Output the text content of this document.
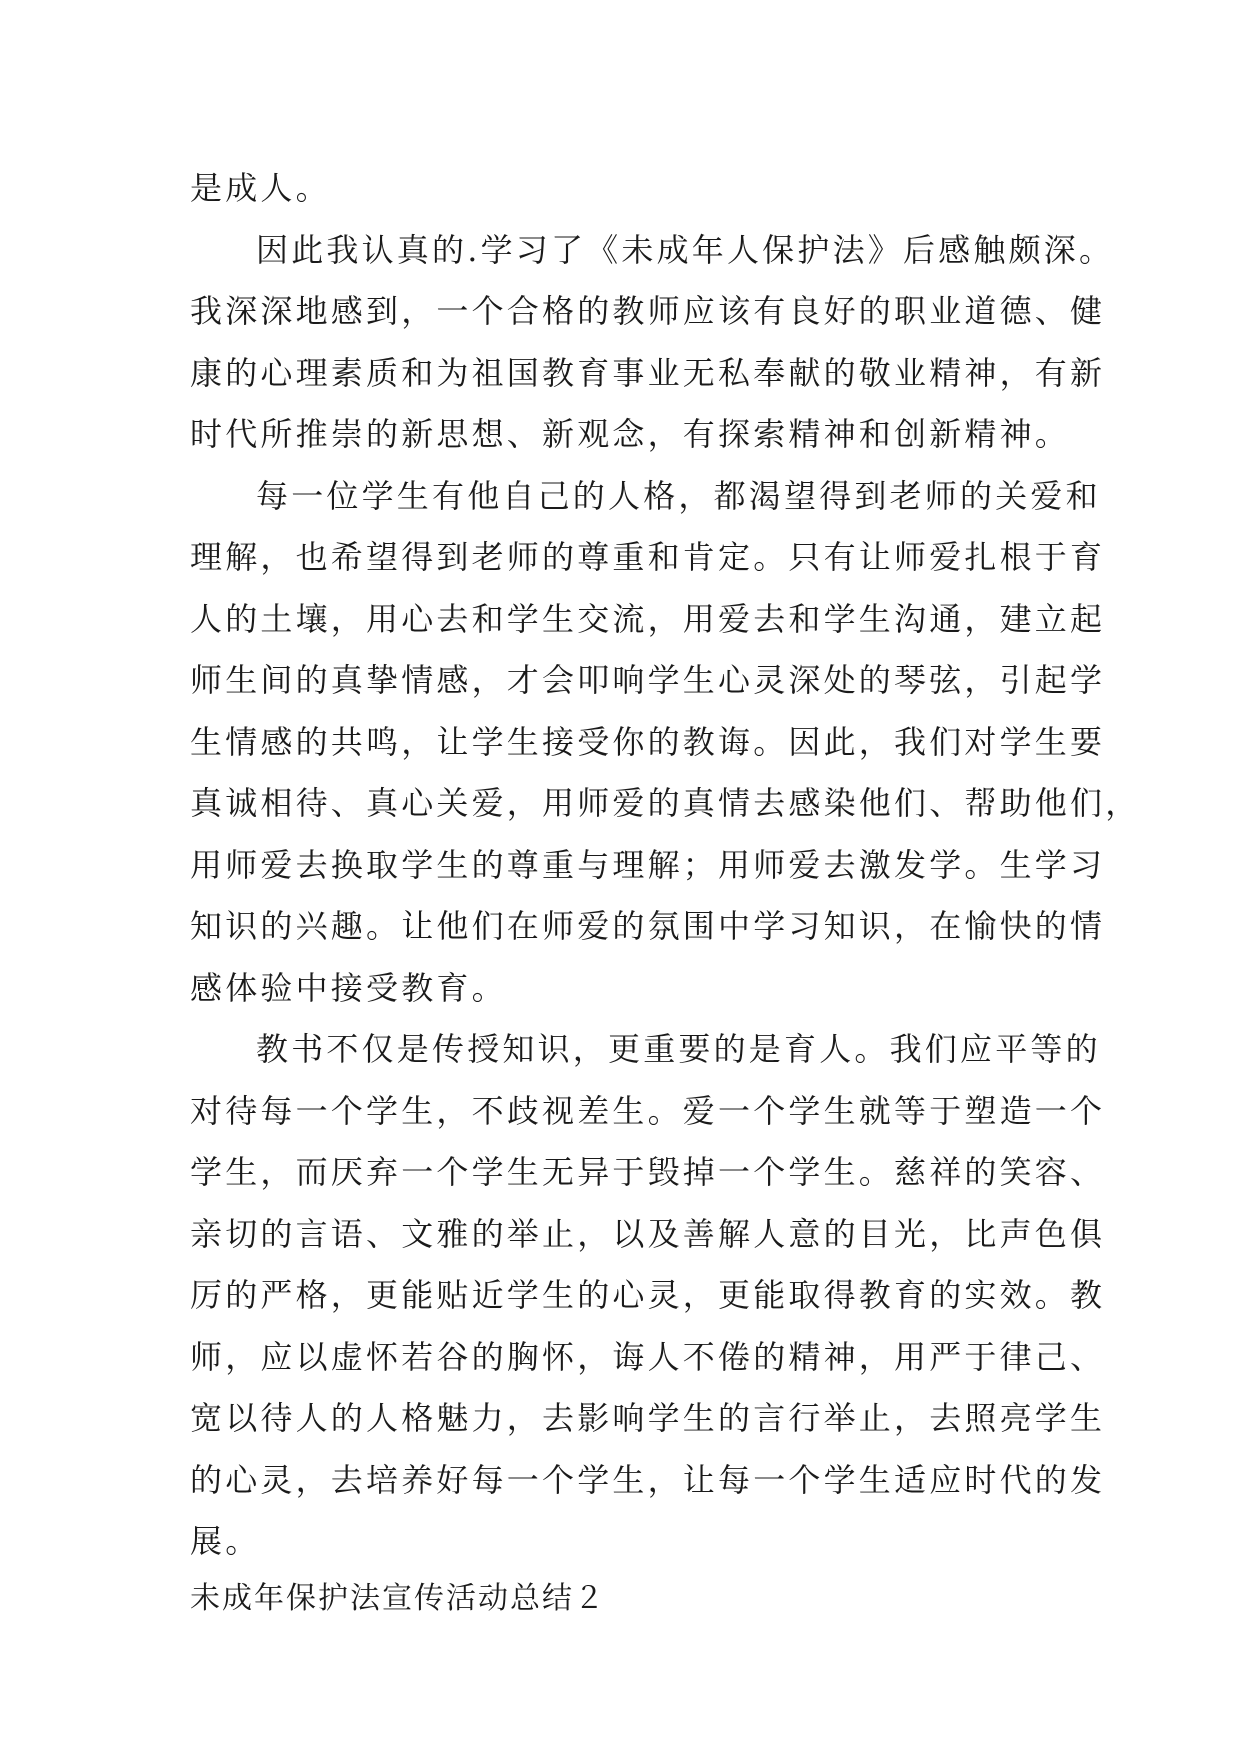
是成人。
因此我认真的.学习了《未成年人保护法》后感触颇深。
我深深地感到，一个合格的教师应该有良好的职业道德、健
康的心理素质和为祖国教育事业无私奉献的敬业精神，有新
时代所推崇的新思想、新观念，有探索精神和创新精神。
每一位学生有他自己的人格，都渴望得到老师的关爱和
理解，也希望得到老师的尊重和肯定。只有让师爱扎根于育
人的土壤，用心去和学生交流，用爱去和学生沟通，建立起
师生间的真挚情感，才会叩响学生心灵深处的琴弦，引起学
生情感的共鸣，让学生接受你的教诲。因此，我们对学生要
真诚相待、真心关爱，用师爱的真情去感染他们、帮助他们，
用师爱去换取学生的尊重与理解；用师爱去激发学。生学习
知识的兴趣。让他们在师爱的氛围中学习知识，在愉快的情
感体验中接受教育。
教书不仅是传授知识，更重要的是育人。我们应平等的
对待每一个学生，不歧视差生。爱一个学生就等于塑造一个
学生，而厌弃一个学生无异于毁掉一个学生。慈祥的笑容、
亲切的言语、文雅的举止，以及善解人意的目光，比声色俱
厉的严格，更能贴近学生的心灵，更能取得教育的实效。教
师，应以虚怀若谷的胸怀，诲人不倦的精神，用严于律己、
宽以待人的人格魅力，去影响学生的言行举止，去照亮学生
的心灵，去培养好每一个学生，让每一个学生适应时代的发
展。
未成年保护法宣传活动总结２
